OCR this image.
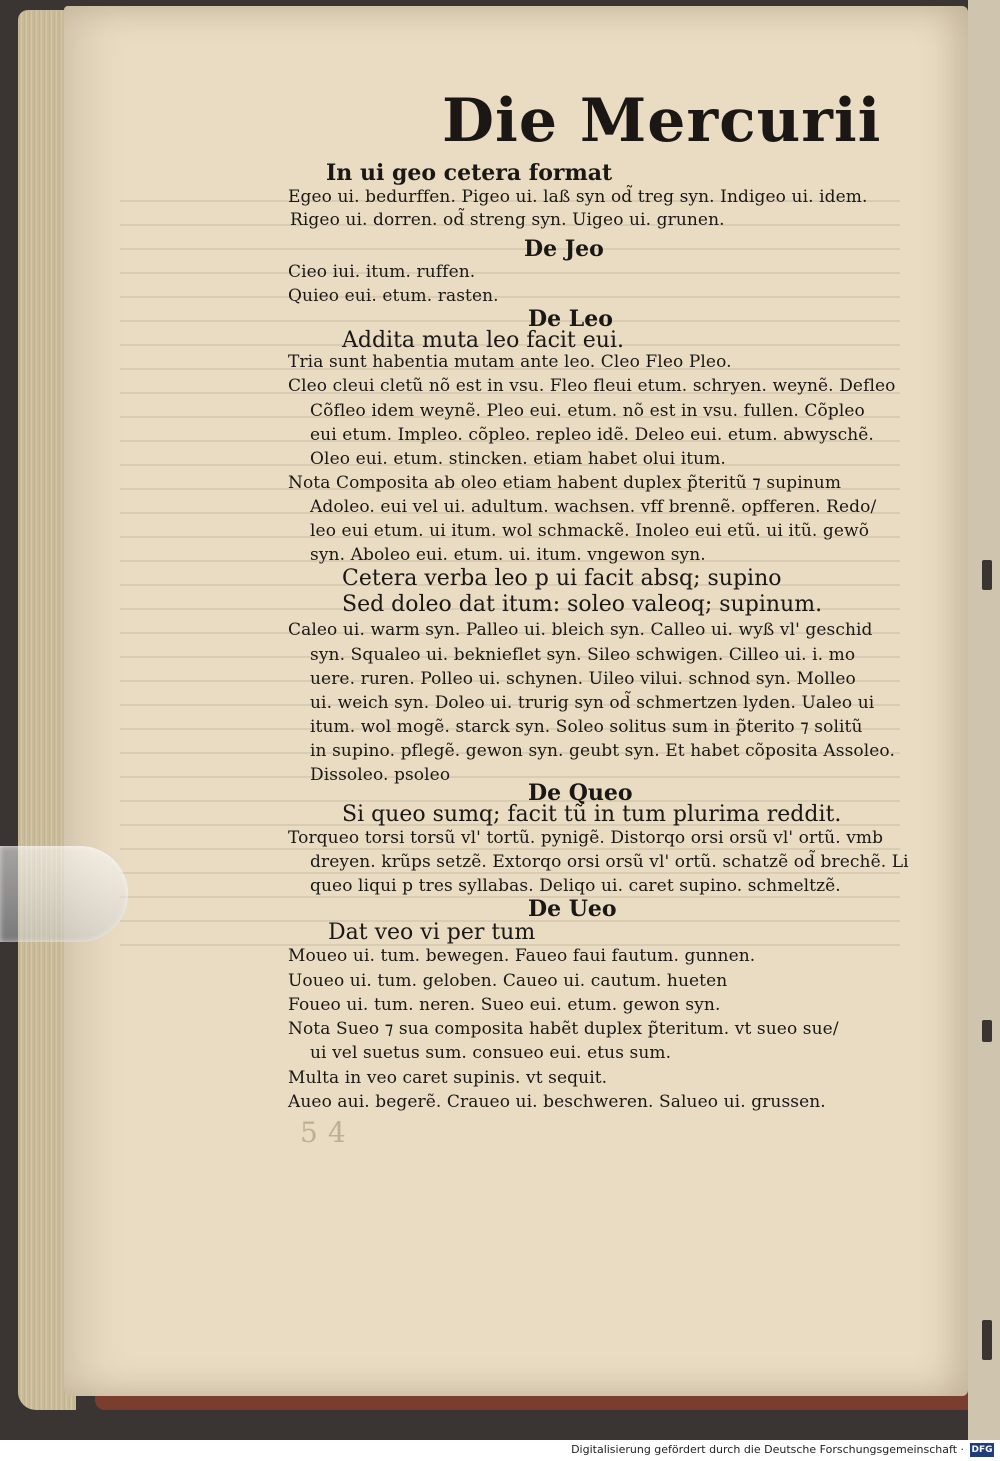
Die Mercurii
In ui geo cetera format
Egeo ui. bedurffen. Pigeo ui. laß syn od̃ treg syn. Indigeo ui. idem.
Rigeo ui. dorren. od̃ streng syn. Uigeo ui. grunen.
De Jeo
Cieo iui. itum. ruffen.
Quieo eui. etum. rasten.
De Leo
Addita muta leo facit eui.
Tria sunt habentia mutam ante leo. Cleo Fleo Pleo.
Cleo cleui cletũ nõ est in vsu. Fleo fleui etum. schryen. weynẽ. Defleo
Cõfleo idem weynẽ. Pleo eui. etum. nõ est in vsu. fullen. Cõpleo
eui etum. Impleo. cõpleo. repleo idẽ. Deleo eui. etum. abwyschẽ.
Oleo eui. etum. stincken. etiam habet olui itum.
Nota Composita ab oleo etiam habent duplex p̃teritũ ⁊ supinum
Adoleo. eui vel ui. adultum. wachsen. vff brennẽ. opfferen. Redo/
leo eui etum. ui itum. wol schmackẽ. Inoleo eui etũ. ui itũ. gewõ
syn. Aboleo eui. etum. ui. itum. vngewon syn.
Cetera verba leo p ui facit absq; supino
Sed doleo dat itum: soleo valeoq; supinum.
Caleo ui. warm syn. Palleo ui. bleich syn. Calleo ui. wyß vl' geschid
syn. Squaleo ui. beknieflet syn. Sileo schwigen. Cilleo ui. i. mo
uere. ruren. Polleo ui. schynen. Uileo vilui. schnod syn. Molleo
ui. weich syn. Doleo ui. trurig syn od̃ schmertzen lyden. Ualeo ui
itum. wol mogẽ. starck syn. Soleo solitus sum in p̃terito ⁊ solitũ
in supino. pflegẽ. gewon syn. geubt syn. Et habet cõposita Assoleo.
Dissoleo. psoleo
De Queo
Si queo sumq; facit tũ in tum plurima reddit.
Torqueo torsi torsũ vl' tortũ. pynigẽ. Distorqo orsi orsũ vl' ortũ. vmb
dreyen. krũps setzẽ. Extorqo orsi orsũ vl' ortũ. schatzẽ od̃ brechẽ. Li
queo liqui p tres syllabas. Deliqo ui. caret supino. schmeltzẽ.
De Ueo
Dat veo vi per tum
Moueo ui. tum. bewegen. Faueo faui fautum. gunnen.
Uoueo ui. tum. geloben. Caueo ui. cautum. hueten
Foueo ui. tum. neren. Sueo eui. etum. gewon syn.
Nota Sueo ⁊ sua composita habẽt duplex p̃teritum. vt sueo sue/
ui vel suetus sum. consueo eui. etus sum.
Multa in veo caret supinis. vt sequit.
Aueo aui. begerẽ. Craueo ui. beschweren. Salueo ui. grussen.
54
Digitalisierung gefördert durch die Deutsche Forschungsgemeinschaft · DFG
